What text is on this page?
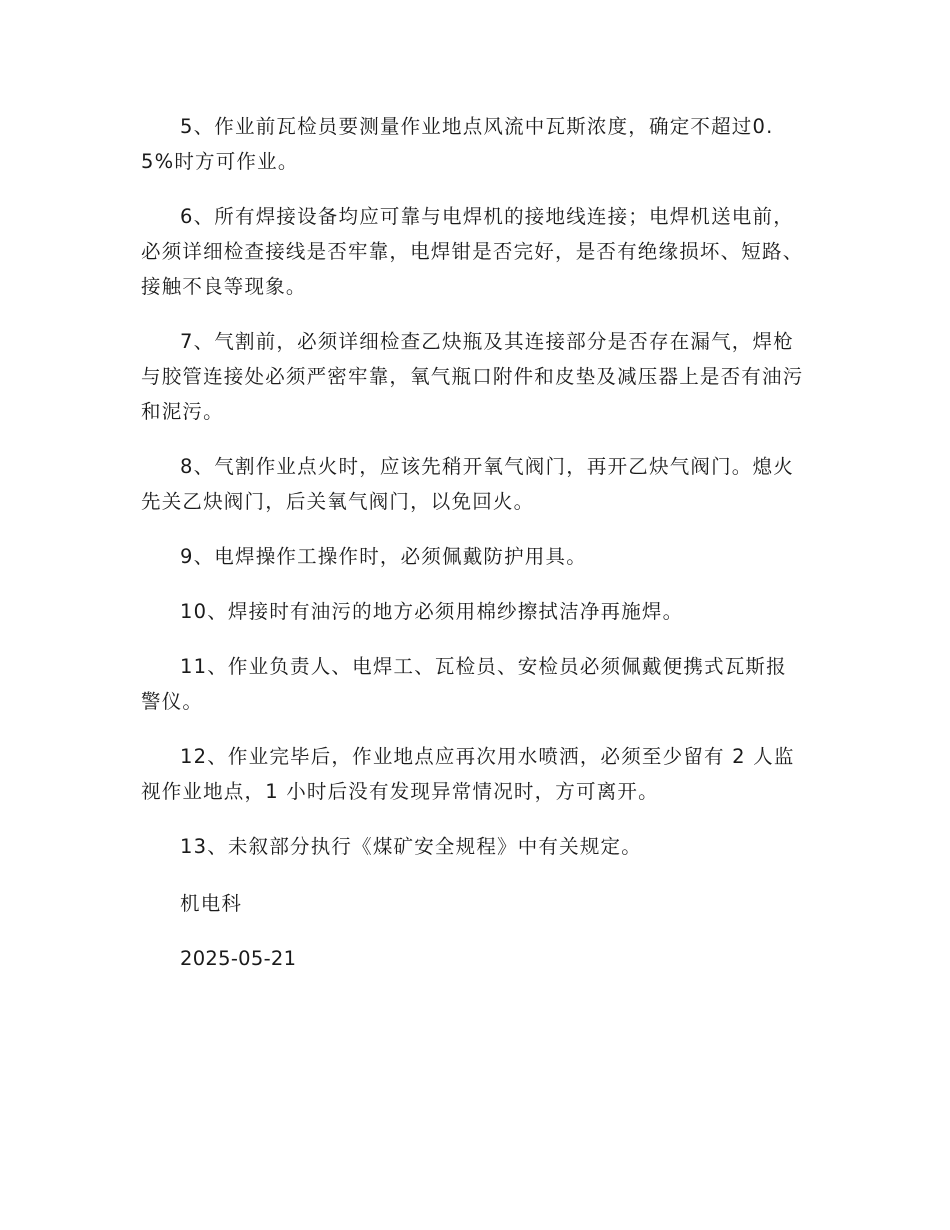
5、作业前瓦检员要测量作业地点风流中瓦斯浓度，确定不超过0.5%时方可作业。

6、所有焊接设备均应可靠与电焊机的接地线连接；电焊机送电前，必须详细检查接线是否牢靠，电焊钳是否完好，是否有绝缘损坏、短路、接触不良等现象。

7、气割前，必须详细检查乙炔瓶及其连接部分是否存在漏气，焊枪与胶管连接处必须严密牢靠，氧气瓶口附件和皮垫及减压器上是否有油污和泥污。

8、气割作业点火时，应该先稍开氧气阀门，再开乙炔气阀门。熄火先关乙炔阀门，后关氧气阀门，以免回火。

9、电焊操作工操作时，必须佩戴防护用具。

10、焊接时有油污的地方必须用棉纱擦拭洁净再施焊。

11、作业负责人、电焊工、瓦检员、安检员必须佩戴便携式瓦斯报警仪。

12、作业完毕后，作业地点应再次用水喷洒，必须至少留有 2 人监视作业地点，1 小时后没有发现异常情况时，方可离开。

13、未叙部分执行《煤矿安全规程》中有关规定。

机电科

2025-05-21
